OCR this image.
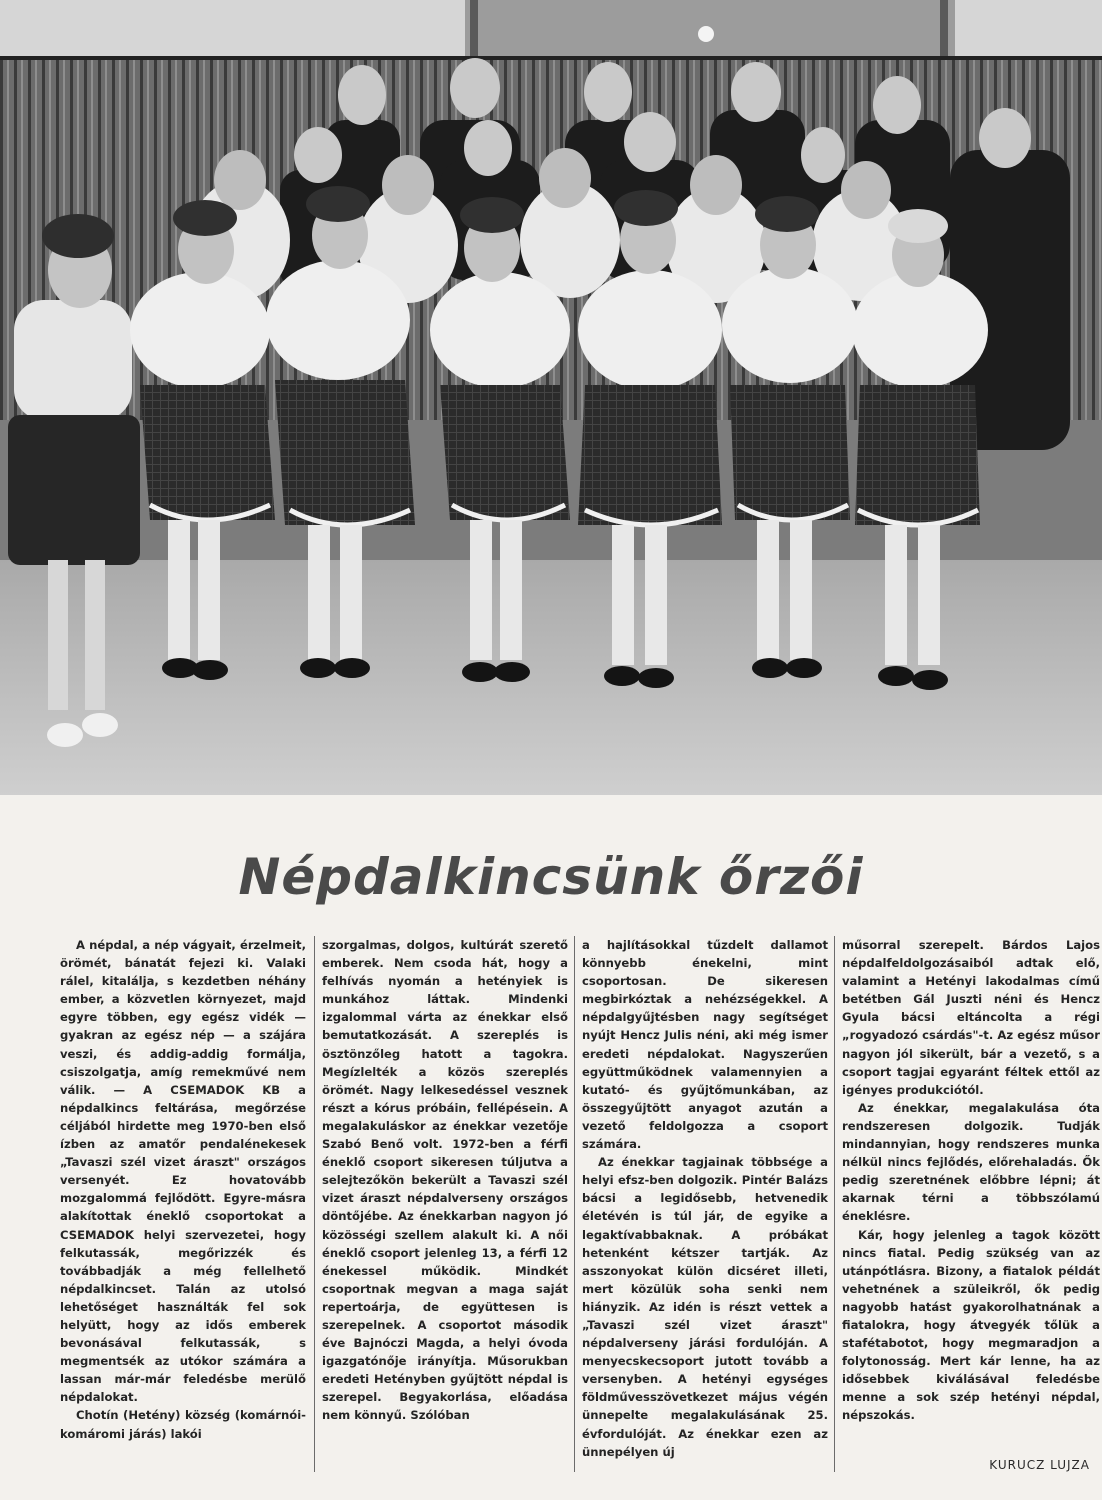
Népdalkincsünk őrzői

A népdal, a nép vágyait, érzelmeit, örömét, bánatát fejezi ki. Valaki rálel, kitalálja, s kezdetben néhány ember, a közvetlen környezet, majd egyre többen, egy egész vidék — gyakran az egész nép — a szájára veszi, és addig-addig formálja, csiszolgatja, amíg remekművé nem válik. — A CSEMADOK KB a népdalkincs feltárása, megőrzése céljából hirdette meg 1970-ben első ízben az amatőr pendalénekesek „Tavaszi szél vizet áraszt" országos versenyét. Ez hovatovább mozgalommá fejlődött. Egyre-másra alakítottak éneklő csoportokat a CSEMADOK helyi szervezetei, hogy felkutassák, megőrizzék és továbbadják a még fellelhető népdalkincset. Talán az utolsó lehetőséget használták fel sok helyütt, hogy az idős emberek bevonásával felkutassák, s megmentsék az utókor számára a lassan már-már feledésbe merülő népdalokat.

Chotín (Hetény) község (komárnói-komáromi járás) lakói

szorgalmas, dolgos, kultúrát szerető emberek. Nem csoda hát, hogy a felhívás nyomán a hetényiek is munkához láttak. Mindenki izgalommal várta az énekkar első bemutatkozását. A szereplés is ösztönzőleg hatott a tagokra. Megízlelték a közös szereplés örömét. Nagy lelkesedéssel vesznek részt a kórus próbáin, fellépésein. A megalakuláskor az énekkar vezetője Szabó Benő volt. 1972-ben a férfi éneklő csoport sikeresen túljutva a selejtezőkön bekerült a Tavaszi szél vizet áraszt népdalverseny országos döntőjébe. Az énekkarban nagyon jó közösségi szellem alakult ki. A női éneklő csoport jelenleg 13, a férfi 12 énekessel működik. Mindkét csoportnak megvan a maga saját repertoárja, de együttesen is szerepelnek. A csoportot második éve Bajnóczi Magda, a helyi óvoda igazgatónője irányítja. Műsorukban eredeti Hetényben gyűjtött népdal is szerepel. Begyakorlása, előadása nem könnyű. Szólóban

a hajlításokkal tűzdelt dallamot könnyebb énekelni, mint csoportosan. De sikeresen megbirkóztak a nehézségekkel. A népdalgyűjtésben nagy segítséget nyújt Hencz Julis néni, aki még ismer eredeti népdalokat. Nagyszerűen együttműködnek valamennyien a kutató- és gyűjtőmunkában, az összegyűjtött anyagot azután a vezető feldolgozza a csoport számára.

Az énekkar tagjainak többsége a helyi efsz-ben dolgozik. Pintér Balázs bácsi a legidősebb, hetvenedik életévén is túl jár, de egyike a legaktívabbaknak. A próbákat hetenként kétszer tartják. Az asszonyokat külön dicséret illeti, mert közülük soha senki nem hiányzik. Az idén is részt vettek a „Tavaszi szél vizet áraszt" népdalverseny járási fordulóján. A menyecskecsoport jutott tovább a versenyben. A hetényi egységes földművesszövetkezet május végén ünnepelte megalakulásának 25. évfordulóját. Az énekkar ezen az ünnepélyen új

műsorral szerepelt. Bárdos Lajos népdalfeldolgozásaiból adtak elő, valamint a Hetényi lakodalmas című betétben Gál Juszti néni és Hencz Gyula bácsi eltáncolta a régi „rogyadozó csárdás"-t. Az egész műsor nagyon jól sikerült, bár a vezető, s a csoport tagjai egyaránt féltek ettől az igényes produkciótól.

Az énekkar, megalakulása óta rendszeresen dolgozik. Tudják mindannyian, hogy rendszeres munka nélkül nincs fejlődés, előrehaladás. Ők pedig szeretnének előbbre lépni; át akarnak térni a többszólamú éneklésre.

Kár, hogy jelenleg a tagok között nincs fiatal. Pedig szükség van az utánpótlásra. Bizony, a fiatalok példát vehetnének a szüleikről, ők pedig nagyobb hatást gyakorolhatnának a fiatalokra, hogy átvegyék tőlük a stafétabotot, hogy megmaradjon a folytonosság. Mert kár lenne, ha az idősebbek kiválásával feledésbe menne a sok szép hetényi népdal, népszokás.

KURUCZ LUJZA
